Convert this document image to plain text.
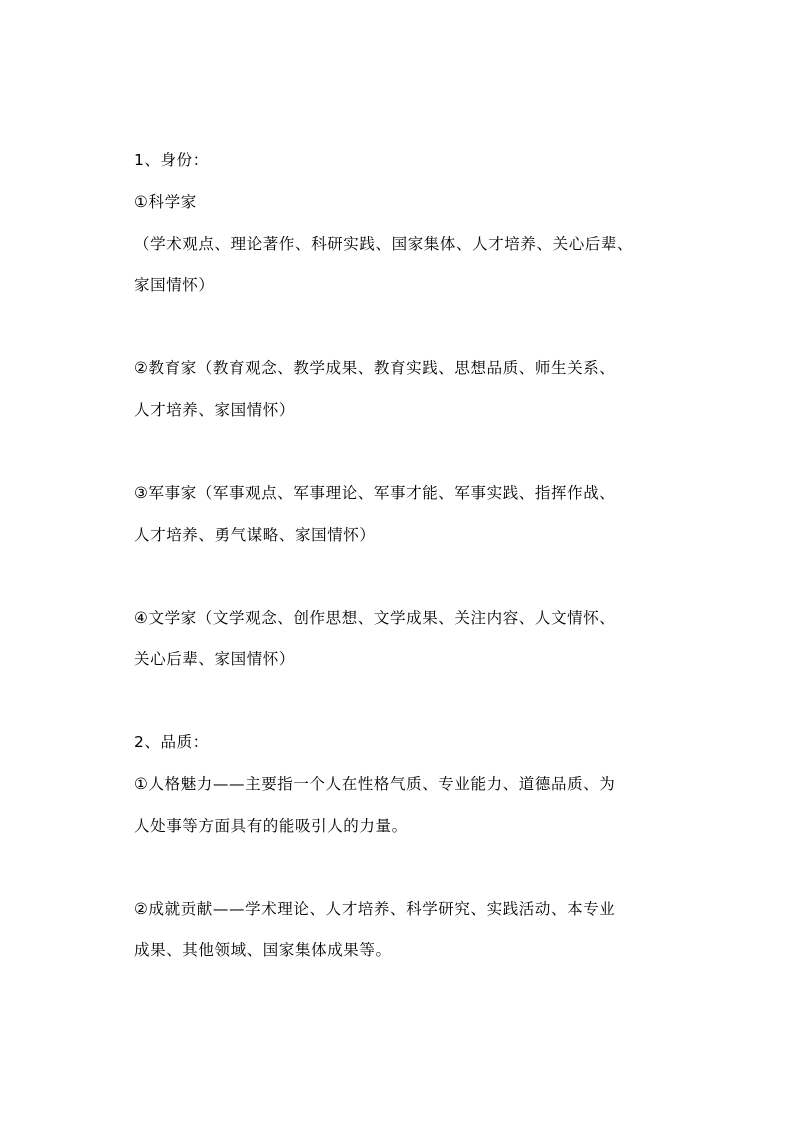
1、身份：
①科学家
（学术观点、理论著作、科研实践、国家集体、人才培养、关心后辈、
家国情怀）
②教育家（教育观念、教学成果、教育实践、思想品质、师生关系、
人才培养、家国情怀）
③军事家（军事观点、军事理论、军事才能、军事实践、指挥作战、
人才培养、勇气谋略、家国情怀）
④文学家（文学观念、创作思想、文学成果、关注内容、人文情怀、
关心后辈、家国情怀）
2、品质：
①人格魅力——主要指一个人在性格气质、专业能力、道德品质、为
人处事等方面具有的能吸引人的力量。
②成就贡献——学术理论、人才培养、科学研究、实践活动、本专业
成果、其他领域、国家集体成果等。
